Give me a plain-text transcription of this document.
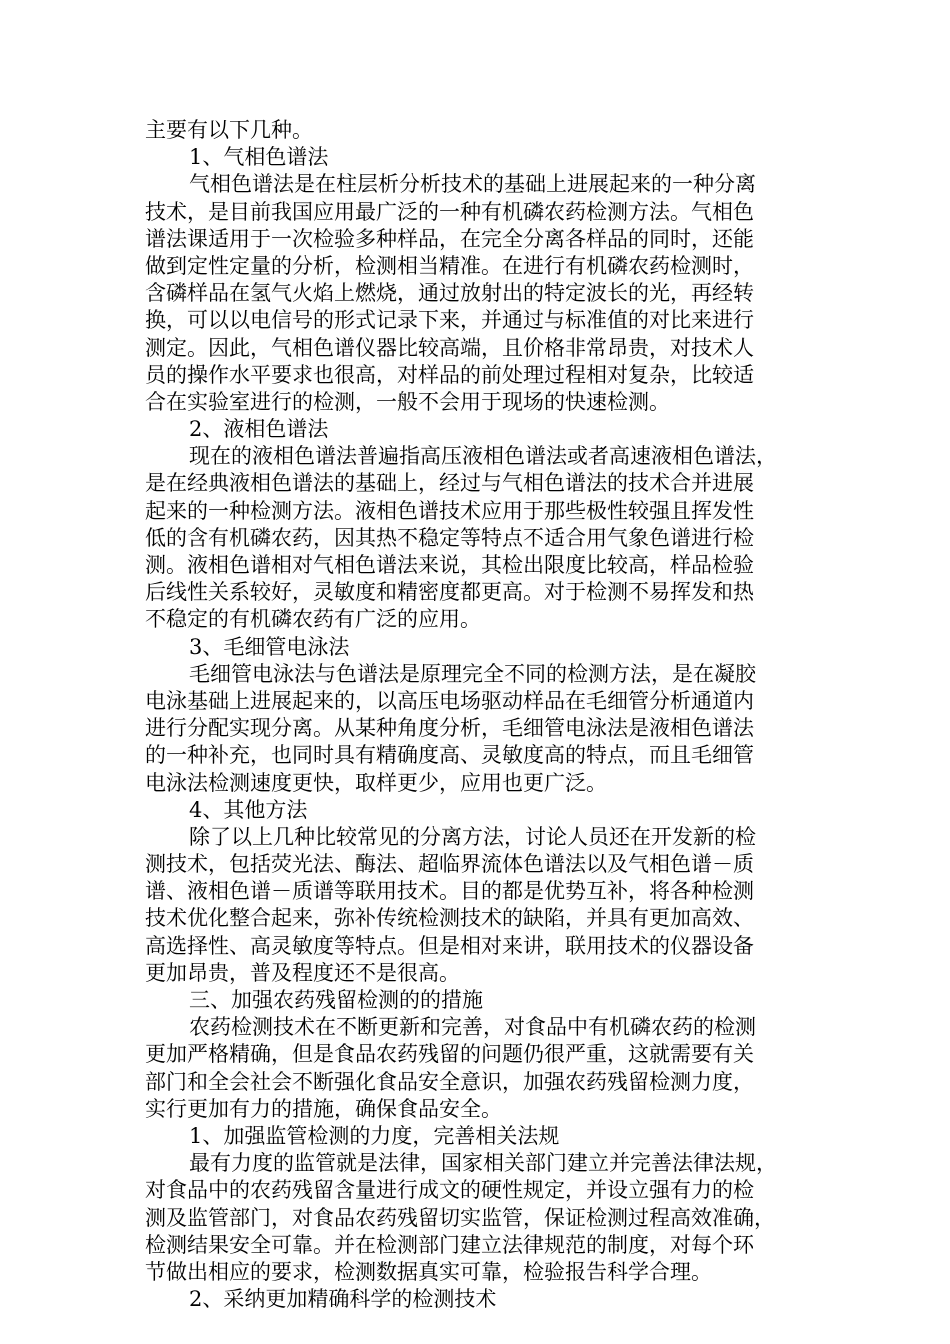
主要有以下几种。
1、气相色谱法
气相色谱法是在柱层析分析技术的基础上进展起来的一种分离
技术，是目前我国应用最广泛的一种有机磷农药检测方法。气相色
谱法课适用于一次检验多种样品，在完全分离各样品的同时，还能
做到定性定量的分析，检测相当精准。在进行有机磷农药检测时，
含磷样品在氢气火焰上燃烧，通过放射出的特定波长的光，再经转
换，可以以电信号的形式记录下来，并通过与标准值的对比来进行
测定。因此，气相色谱仪器比较高端，且价格非常昂贵，对技术人
员的操作水平要求也很高，对样品的前处理过程相对复杂，比较适
合在实验室进行的检测，一般不会用于现场的快速检测。
2、液相色谱法
现在的液相色谱法普遍指高压液相色谱法或者高速液相色谱法，
是在经典液相色谱法的基础上，经过与气相色谱法的技术合并进展
起来的一种检测方法。液相色谱技术应用于那些极性较强且挥发性
低的含有机磷农药，因其热不稳定等特点不适合用气象色谱进行检
测。液相色谱相对气相色谱法来说，其检出限度比较高，样品检验
后线性关系较好，灵敏度和精密度都更高。对于检测不易挥发和热
不稳定的有机磷农药有广泛的应用。
3、毛细管电泳法
毛细管电泳法与色谱法是原理完全不同的检测方法，是在凝胶
电泳基础上进展起来的，以高压电场驱动样品在毛细管分析通道内
进行分配实现分离。从某种角度分析，毛细管电泳法是液相色谱法
的一种补充，也同时具有精确度高、灵敏度高的特点，而且毛细管
电泳法检测速度更快，取样更少，应用也更广泛。
4、其他方法
除了以上几种比较常见的分离方法，讨论人员还在开发新的检
测技术，包括荧光法、酶法、超临界流体色谱法以及气相色谱－质
谱、液相色谱－质谱等联用技术。目的都是优势互补，将各种检测
技术优化整合起来，弥补传统检测技术的缺陷，并具有更加高效、
高选择性、高灵敏度等特点。但是相对来讲，联用技术的仪器设备
更加昂贵，普及程度还不是很高。
三、加强农药残留检测的的措施
农药检测技术在不断更新和完善，对食品中有机磷农药的检测
更加严格精确，但是食品农药残留的问题仍很严重，这就需要有关
部门和全会社会不断强化食品安全意识，加强农药残留检测力度，
实行更加有力的措施，确保食品安全。
1、加强监管检测的力度，完善相关法规
最有力度的监管就是法律，国家相关部门建立并完善法律法规，
对食品中的农药残留含量进行成文的硬性规定，并设立强有力的检
测及监管部门，对食品农药残留切实监管，保证检测过程高效准确，
检测结果安全可靠。并在检测部门建立法律规范的制度，对每个环
节做出相应的要求，检测数据真实可靠，检验报告科学合理。
2、采纳更加精确科学的检测技术
